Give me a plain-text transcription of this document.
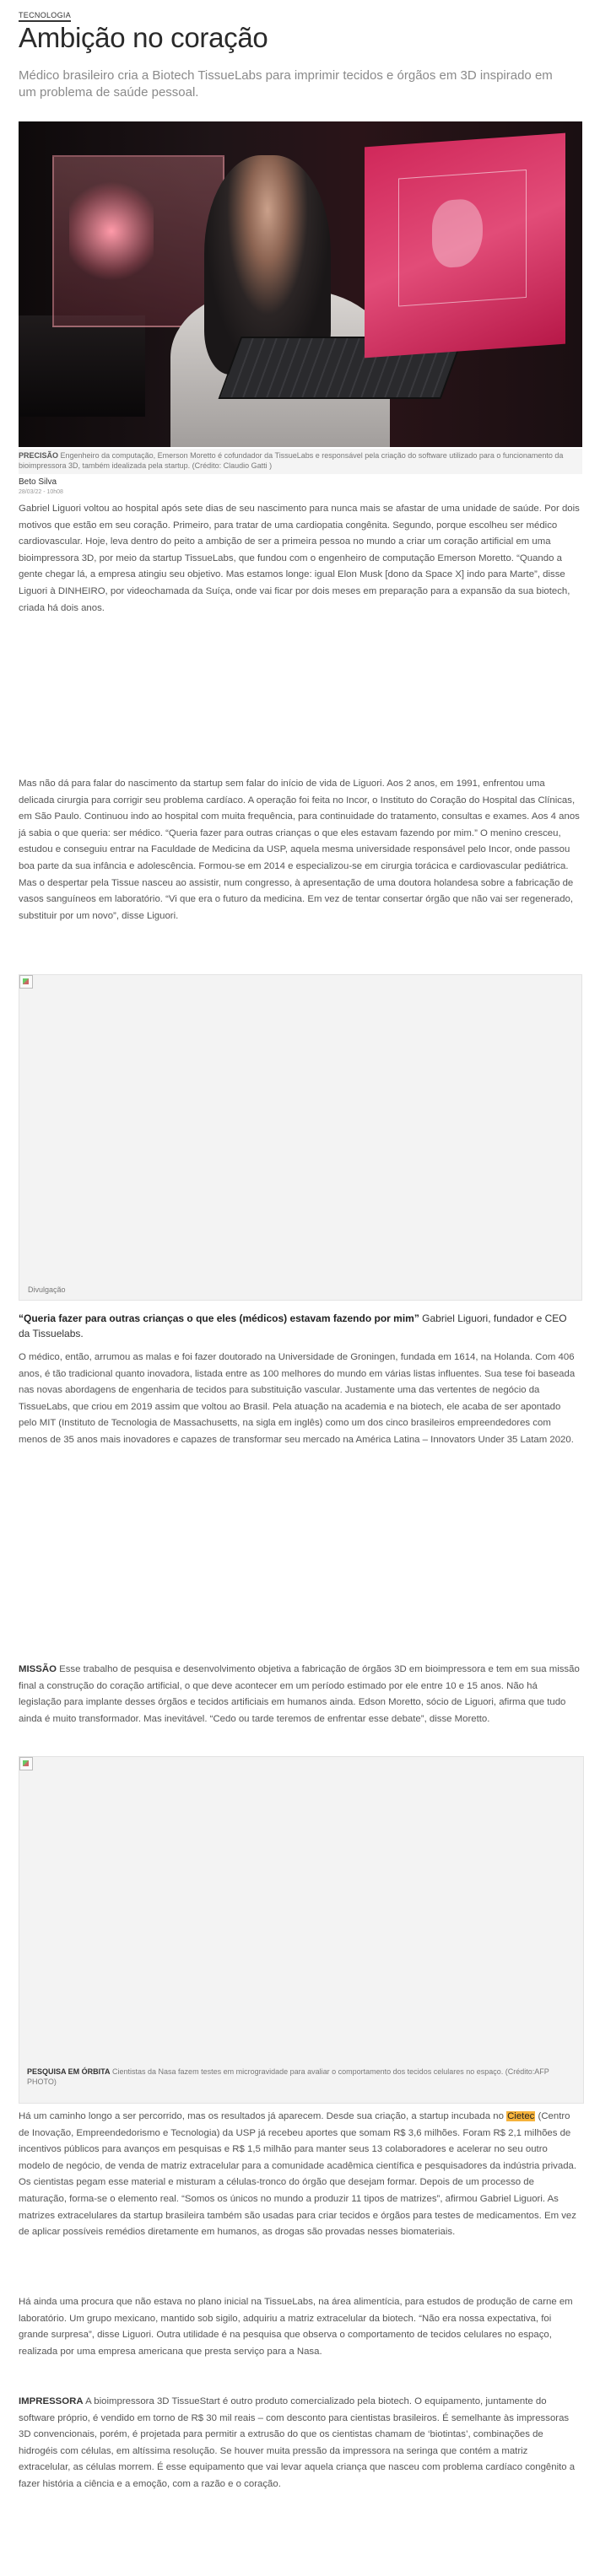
TECNOLOGIA
Ambição no coração

Médico brasileiro cria a Biotech TissueLabs para imprimir tecidos e órgãos em 3D inspirado em um problema de saúde pessoal.

PRECISÃO Engenheiro da computação, Emerson Moretto é cofundador da TissueLabs e responsável pela criação do software utilizado para o funcionamento da bioimpressora 3D, também idealizada pela startup. (Crédito: Claudio Gatti )
Beto Silva
28/03/22 - 10h08

Gabriel Liguori voltou ao hospital após sete dias de seu nascimento para nunca mais se afastar de uma unidade de saúde. Por dois motivos que estão em seu coração. Primeiro, para tratar de uma cardiopatia congênita. Segundo, porque escolheu ser médico cardiovascular. Hoje, leva dentro do peito a ambição de ser a primeira pessoa no mundo a criar um coração artificial em uma bioimpressora 3D, por meio da startup TissueLabs, que fundou com o engenheiro de computação Emerson Moretto. “Quando a gente chegar lá, a empresa atingiu seu objetivo. Mas estamos longe: igual Elon Musk [dono da Space X] indo para Marte”, disse Liguori à DINHEIRO, por videochamada da Suíça, onde vai ficar por dois meses em preparação para a expansão da sua biotech, criada há dois anos.

Mas não dá para falar do nascimento da startup sem falar do início de vida de Liguori. Aos 2 anos, em 1991, enfrentou uma delicada cirurgia para corrigir seu problema cardíaco. A operação foi feita no Incor, o Instituto do Coração do Hospital das Clínicas, em São Paulo. Continuou indo ao hospital com muita frequência, para continuidade do tratamento, consultas e exames. Aos 4 anos já sabia o que queria: ser médico. “Queria fazer para outras crianças o que eles estavam fazendo por mim.” O menino cresceu, estudou e conseguiu entrar na Faculdade de Medicina da USP, aquela mesma universidade responsável pelo Incor, onde passou boa parte da sua infância e adolescência. Formou-se em 2014 e especializou-se em cirurgia torácica e cardiovascular pediátrica. Mas o despertar pela Tissue nasceu ao assistir, num congresso, à apresentação de uma doutora holandesa sobre a fabricação de vasos sanguíneos em laboratório. “Vi que era o futuro da medicina. Em vez de tentar consertar órgão que não vai ser regenerado, substituir por um novo”, disse Liguori.

Divulgação

“Queria fazer para outras crianças o que eles (médicos) estavam fazendo por mim” Gabriel Liguori, fundador e CEO da Tissuelabs.

O médico, então, arrumou as malas e foi fazer doutorado na Universidade de Groningen, fundada em 1614, na Holanda. Com 406 anos, é tão tradicional quanto inovadora, listada entre as 100 melhores do mundo em várias listas influentes. Sua tese foi baseada nas novas abordagens de engenharia de tecidos para substituição vascular. Justamente uma das vertentes de negócio da TissueLabs, que criou em 2019 assim que voltou ao Brasil. Pela atuação na academia e na biotech, ele acaba de ser apontado pelo MIT (Instituto de Tecnologia de Massachusetts, na sigla em inglês) como um dos cinco brasileiros empreendedores com menos de 35 anos mais inovadores e capazes de transformar seu mercado na América Latina – Innovators Under 35 Latam 2020.

MISSÃO Esse trabalho de pesquisa e desenvolvimento objetiva a fabricação de órgãos 3D em bioimpressora e tem em sua missão final a construção do coração artificial, o que deve acontecer em um período estimado por ele entre 10 e 15 anos. Não há legislação para implante desses órgãos e tecidos artificiais em humanos ainda. Edson Moretto, sócio de Liguori, afirma que tudo ainda é muito transformador. Mas inevitável. “Cedo ou tarde teremos de enfrentar esse debate”, disse Moretto.

PESQUISA EM ÓRBITA Cientistas da Nasa fazem testes em microgravidade para avaliar o comportamento dos tecidos celulares no espaço. (Crédito:AFP PHOTO)

Há um caminho longo a ser percorrido, mas os resultados já aparecem. Desde sua criação, a startup incubada no Cietec (Centro de Inovação, Empreendedorismo e Tecnologia) da USP já recebeu aportes que somam R$ 3,6 milhões. Foram R$ 2,1 milhões de incentivos públicos para avanços em pesquisas e R$ 1,5 milhão para manter seus 13 colaboradores e acelerar no seu outro modelo de negócio, de venda de matriz extracelular para a comunidade acadêmica científica e pesquisadores da indústria privada. Os cientistas pegam esse material e misturam a células-tronco do órgão que desejam formar. Depois de um processo de maturação, forma-se o elemento real. “Somos os únicos no mundo a produzir 11 tipos de matrizes”, afirmou Gabriel Liguori. As matrizes extracelulares da startup brasileira também são usadas para criar tecidos e órgãos para testes de medicamentos. Em vez de aplicar possíveis remédios diretamente em humanos, as drogas são provadas nesses biomateriais.

Há ainda uma procura que não estava no plano inicial na TissueLabs, na área alimentícia, para estudos de produção de carne em laboratório. Um grupo mexicano, mantido sob sigilo, adquiriu a matriz extracelular da biotech. “Não era nossa expectativa, foi grande surpresa”, disse Liguori. Outra utilidade é na pesquisa que observa o comportamento de tecidos celulares no espaço, realizada por uma empresa americana que presta serviço para a Nasa.

IMPRESSORA A bioimpressora 3D TissueStart é outro produto comercializado pela biotech. O equipamento, juntamente do software próprio, é vendido em torno de R$ 30 mil reais – com desconto para cientistas brasileiros. É semelhante às impressoras 3D convencionais, porém, é projetada para permitir a extrusão do que os cientistas chamam de ‘biotintas’, combinações de hidrogéis com células, em altíssima resolução. Se houver muita pressão da impressora na seringa que contém a matriz extracelular, as células morrem. É esse equipamento que vai levar aquela criança que nasceu com problema cardíaco congênito a fazer história a ciência e a emoção, com a razão e o coração.
